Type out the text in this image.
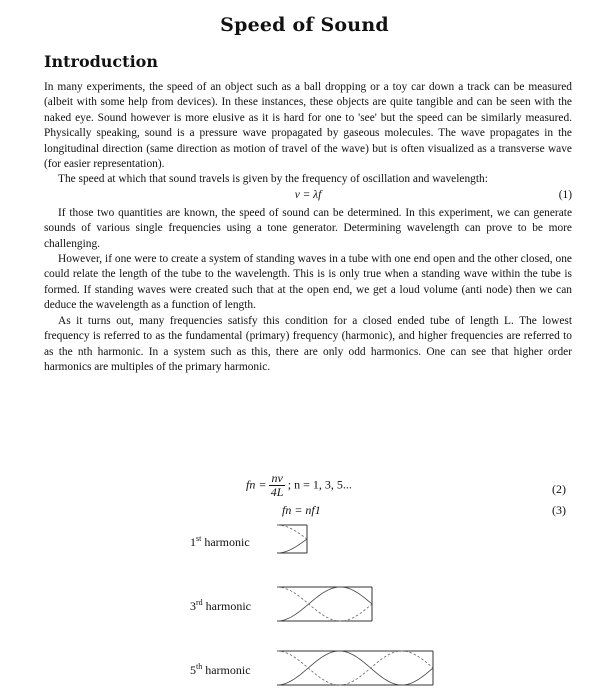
Speed of Sound
Introduction

In many experiments, the speed of an object such as a ball dropping or a toy car down a track can be measured (albeit with some help from devices). In these instances, these objects are quite tangible and can be seen with the naked eye. Sound however is more elusive as it is hard for one to 'see' but the speed can be similarly measured. Physically speaking, sound is a pressure wave propagated by gaseous molecules. The wave propagates in the longitudinal direction (same direction as motion of travel of the wave) but is often visualized as a transverse wave (for easier representation).

The speed at which that sound travels is given by the frequency of oscillation and wavelength:

v = λf	(1)

If those two quantities are known, the speed of sound can be determined. In this experiment, we can generate sounds of various single frequencies using a tone generator. Determining wavelength can prove to be more challenging.

However, if one were to create a system of standing waves in a tube with one end open and the other closed, one could relate the length of the tube to the wavelength. This is is only true when a standing wave within the tube is formed. If standing waves were created such that at the open end, we get a loud volume (anti node) then we can deduce the wavelength as a function of length.

As it turns out, many frequencies satisfy this condition for a closed ended tube of length L. The lowest frequency is referred to as the fundamental (primary) frequency (harmonic), and higher frequencies are referred to as the nth harmonic. In a system such as this, there are only odd harmonics. One can see that higher order harmonics are multiples of the primary harmonic.

fn = $\frac{nv}{4L}$ ; n = 1, 3, 5...	(2)
fn = nf1	(3)
1st harmonic
3rd harmonic
5th harmonic
